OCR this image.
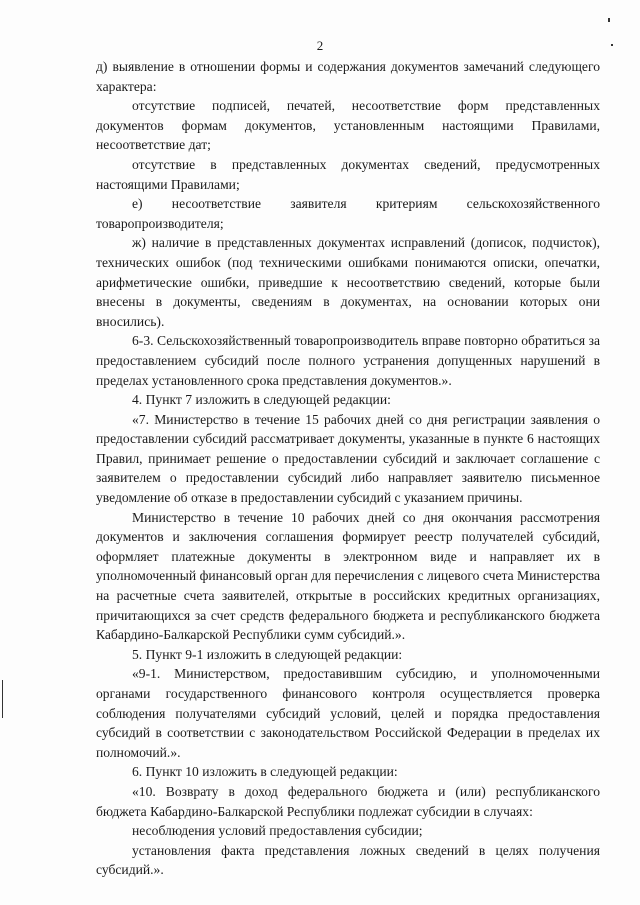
2

д) выявление в отношении формы и содержания документов замечаний следующего характера:

отсутствие подписей, печатей, несоответствие форм представленных документов формам документов, установленным настоящими Правилами, несоответствие дат;

отсутствие в представленных документах сведений, предусмотренных настоящими Правилами;

е) несоответствие заявителя критериям сельскохозяйственного товаропроизводителя;

ж) наличие в представленных документах исправлений (дописок, подчисток), технических ошибок (под техническими ошибками понимаются описки, опечатки, арифметические ошибки, приведшие к несоответствию сведений, которые были внесены в документы, сведениям в документах, на основании которых они вносились).

6-3. Сельскохозяйственный товаропроизводитель вправе повторно обратиться за предоставлением субсидий после полного устранения допущенных нарушений в пределах установленного срока представления документов.».

4. Пункт 7 изложить в следующей редакции:

«7. Министерство в течение 15 рабочих дней со дня регистрации заявления о предоставлении субсидий рассматривает документы, указанные в пункте 6 настоящих Правил, принимает решение о предоставлении субсидий и заключает соглашение с заявителем о предоставлении субсидий либо направляет заявителю письменное уведомление об отказе в предоставлении субсидий с указанием причины.

Министерство в течение 10 рабочих дней со дня окончания рассмотрения документов и заключения соглашения формирует реестр получателей субсидий, оформляет платежные документы в электронном виде и направляет их в уполномоченный финансовый орган для перечисления с лицевого счета Министерства на расчетные счета заявителей, открытые в российских кредитных организациях, причитающихся за счет средств федерального бюджета и республиканского бюджета Кабардино-Балкарской Республики сумм субсидий.».

5. Пункт 9-1 изложить в следующей редакции:

«9-1. Министерством, предоставившим субсидию, и уполномоченными органами государственного финансового контроля осуществляется проверка соблюдения получателями субсидий условий, целей и порядка предоставления субсидий в соответствии с законодательством Российской Федерации в пределах их полномочий.».

6. Пункт 10 изложить в следующей редакции:

«10. Возврату в доход федерального бюджета и (или) республиканского бюджета Кабардино-Балкарской Республики подлежат субсидии в случаях:

несоблюдения условий предоставления субсидии;

установления факта представления ложных сведений в целях получения субсидий.».
